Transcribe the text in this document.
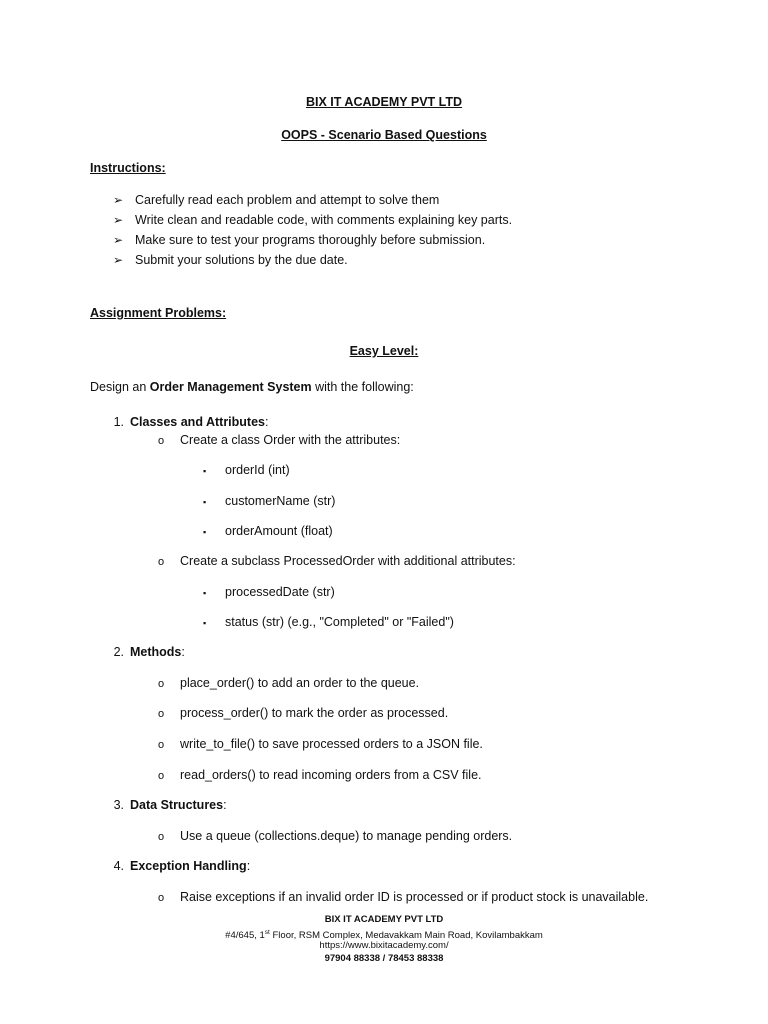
BIX IT ACADEMY PVT LTD
OOPS - Scenario Based Questions
Instructions:
➢ Carefully read each problem and attempt to solve them
➢ Write clean and readable code, with comments explaining key parts.
➢ Make sure to test your programs thoroughly before submission.
➢ Submit your solutions by the due date.
Assignment Problems:
Easy Level:
Design an Order Management System with the following:
1. Classes and Attributes:
o Create a class Order with the attributes:
▪ orderId (int)
▪ customerName (str)
▪ orderAmount (float)
o Create a subclass ProcessedOrder with additional attributes:
▪ processedDate (str)
▪ status (str) (e.g., "Completed" or "Failed")
2. Methods:
o place_order() to add an order to the queue.
o process_order() to mark the order as processed.
o write_to_file() to save processed orders to a JSON file.
o read_orders() to read incoming orders from a CSV file.
3. Data Structures:
o Use a queue (collections.deque) to manage pending orders.
4. Exception Handling:
o Raise exceptions if an invalid order ID is processed or if product stock is unavailable.
BIX IT ACADEMY PVT LTD
#4/645, 1st Floor, RSM Complex, Medavakkam Main Road, Kovilambakkam
https://www.bixitacademy.com/
97904 88338 / 78453 88338
